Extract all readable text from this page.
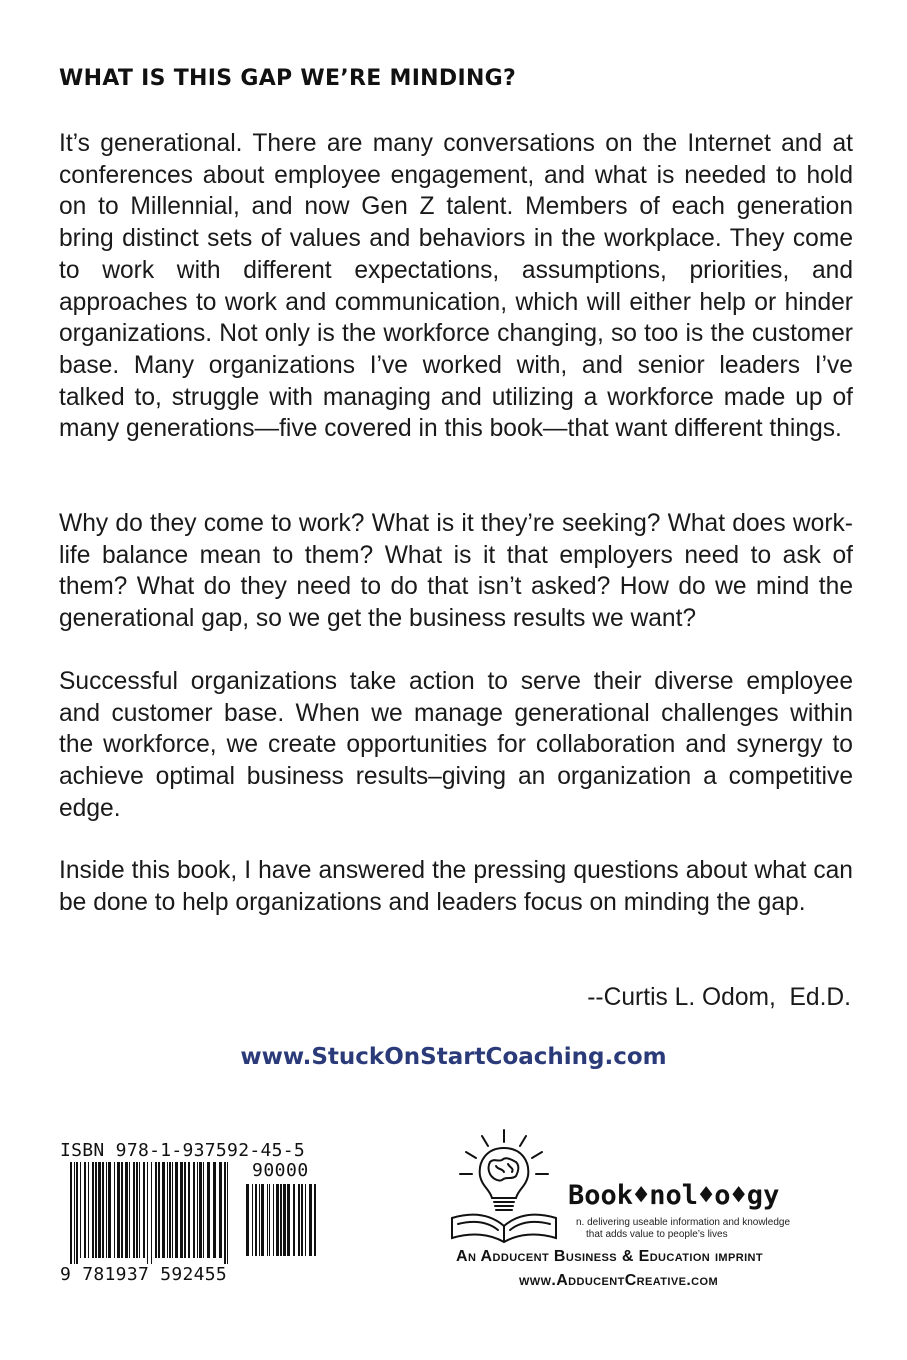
WHAT IS THIS GAP WE’RE MINDING?

It’s generational. There are many conversations on the Internet and at conferences about employee engagement, and what is needed to hold on to Millennial, and now Gen Z talent. Members of each generation bring distinct sets of values and behaviors in the workplace. They come to work with different expectations, assumptions, priorities, and approaches to work and communication, which will either help or hinder organizations. Not only is the workforce changing, so too is the customer base. Many organizations I’ve worked with, and senior leaders I’ve talked to, struggle with managing and utilizing a workforce made up of many generations—five covered in this book—that want different things.

Why do they come to work? What is it they’re seeking? What does work-life balance mean to them? What is it that employers need to ask of them? What do they need to do that isn’t asked? How do we mind the generational gap, so we get the business results we want?

Successful organizations take action to serve their diverse employee and customer base. When we manage generational challenges within the workforce, we create opportunities for collaboration and synergy to achieve optimal business results–giving an organization a competitive edge.

Inside this book, I have answered the pressing questions about what can be done to help organizations and leaders focus on minding the gap.

--Curtis L. Odom,  Ed.D.
www.StuckOnStartCoaching.com
ISBN 978-1-937592-45-5
90000
9 781937 592455
Book♦nol♦o♦gy
n. delivering useable information and knowledge
that adds value to people’s lives
An Adducent Business & Education imprint
www.AdducentCreative.com
